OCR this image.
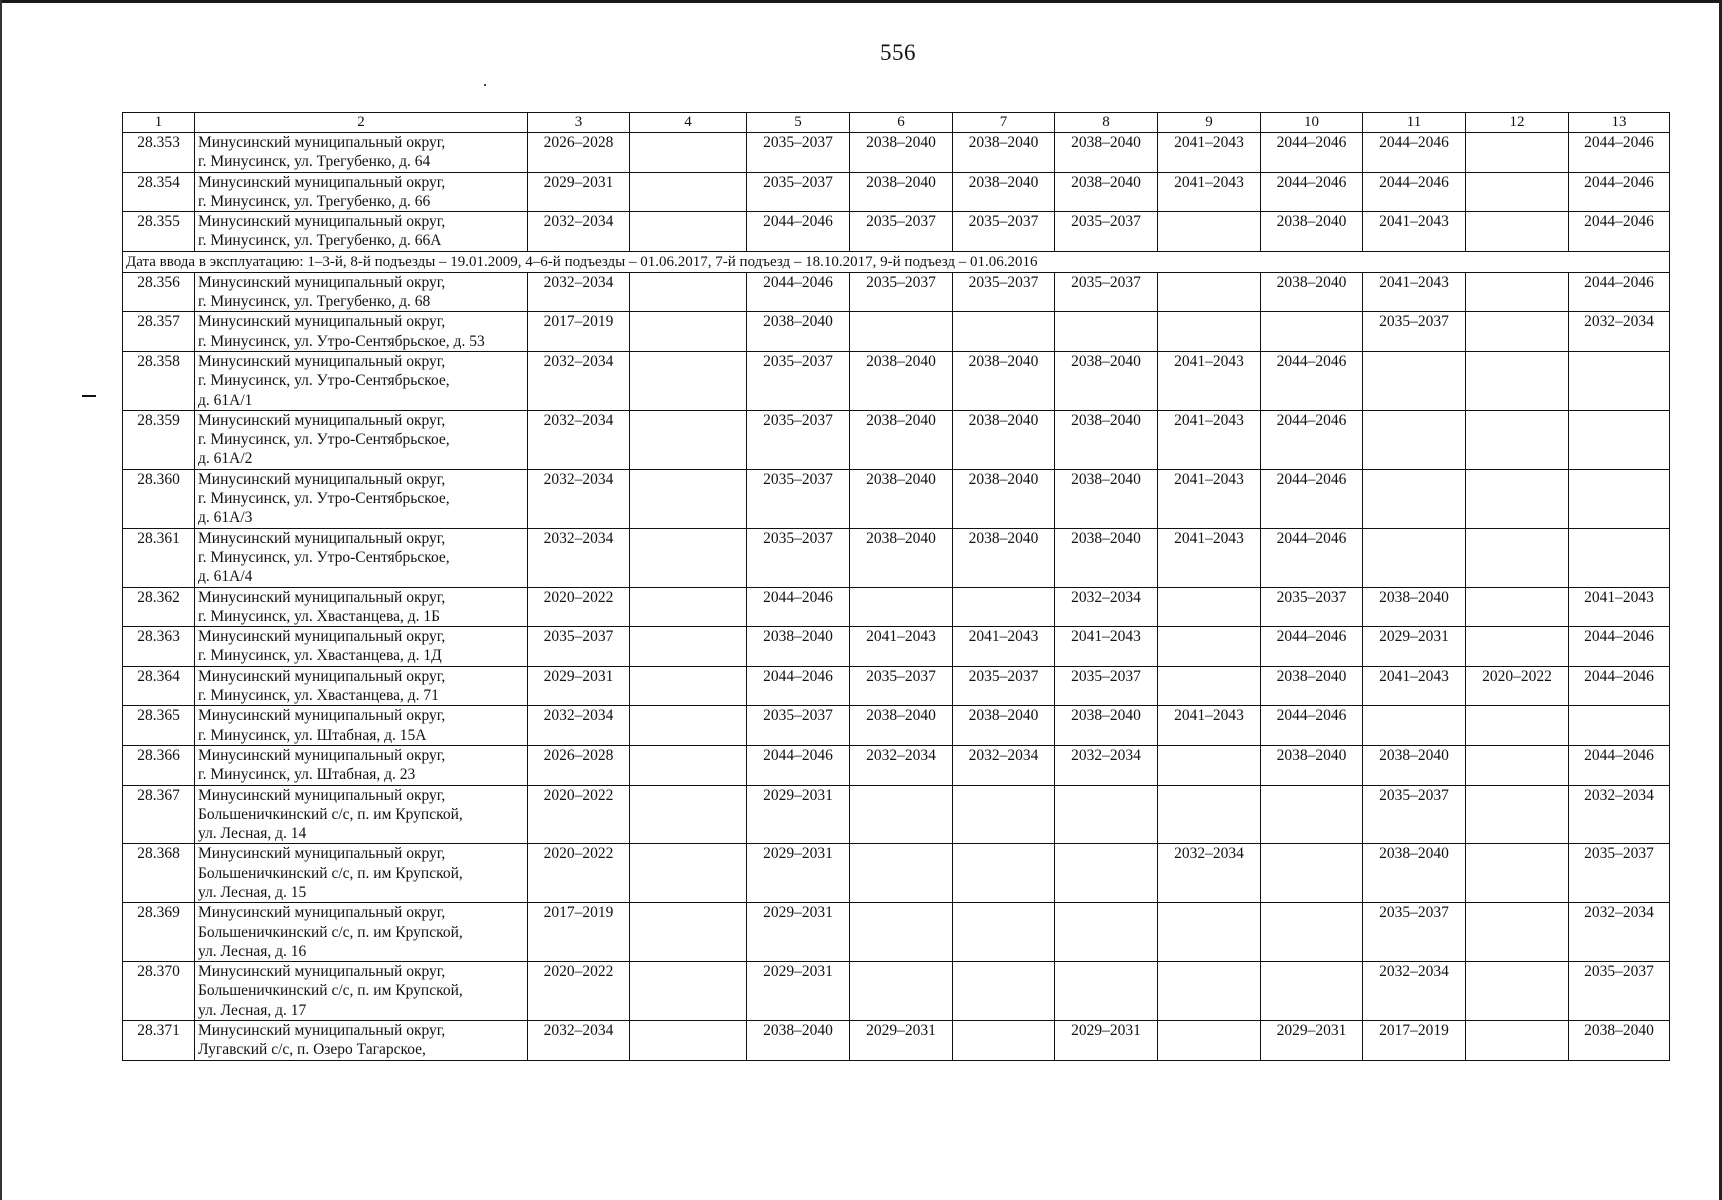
556
1	2	3	4	5	6	7	8	9	10	11	12	13
28.353	Минусинский муниципальный округ,
г. Минусинск, ул. Трегубенко, д. 64	2026–2028		2035–2037	2038–2040	2038–2040	2038–2040	2041–2043	2044–2046	2044–2046		2044–2046
28.354	Минусинский муниципальный округ,
г. Минусинск, ул. Трегубенко, д. 66	2029–2031		2035–2037	2038–2040	2038–2040	2038–2040	2041–2043	2044–2046	2044–2046		2044–2046
28.355	Минусинский муниципальный округ,
г. Минусинск, ул. Трегубенко, д. 66А	2032–2034		2044–2046	2035–2037	2035–2037	2035–2037		2038–2040	2041–2043		2044–2046
Дата ввода в эксплуатацию: 1–3-й, 8-й подъезды – 19.01.2009, 4–6-й подъезды – 01.06.2017, 7-й подъезд – 18.10.2017, 9-й подъезд – 01.06.2016												
28.356	Минусинский муниципальный округ,
г. Минусинск, ул. Трегубенко, д. 68	2032–2034		2044–2046	2035–2037	2035–2037	2035–2037		2038–2040	2041–2043		2044–2046
28.357	Минусинский муниципальный округ,
г. Минусинск, ул. Утро-Сентябрьское, д. 53	2017–2019		2038–2040						2035–2037		2032–2034
28.358	Минусинский муниципальный округ,
г. Минусинск, ул. Утро-Сентябрьское,
д. 61А/1	2032–2034		2035–2037	2038–2040	2038–2040	2038–2040	2041–2043	2044–2046			
28.359	Минусинский муниципальный округ,
г. Минусинск, ул. Утро-Сентябрьское,
д. 61А/2	2032–2034		2035–2037	2038–2040	2038–2040	2038–2040	2041–2043	2044–2046			
28.360	Минусинский муниципальный округ,
г. Минусинск, ул. Утро-Сентябрьское,
д. 61А/3	2032–2034		2035–2037	2038–2040	2038–2040	2038–2040	2041–2043	2044–2046			
28.361	Минусинский муниципальный округ,
г. Минусинск, ул. Утро-Сентябрьское,
д. 61А/4	2032–2034		2035–2037	2038–2040	2038–2040	2038–2040	2041–2043	2044–2046			
28.362	Минусинский муниципальный округ,
г. Минусинск, ул. Хвастанцева, д. 1Б	2020–2022		2044–2046			2032–2034		2035–2037	2038–2040		2041–2043
28.363	Минусинский муниципальный округ,
г. Минусинск, ул. Хвастанцева, д. 1Д	2035–2037		2038–2040	2041–2043	2041–2043	2041–2043		2044–2046	2029–2031		2044–2046
28.364	Минусинский муниципальный округ,
г. Минусинск, ул. Хвастанцева, д. 71	2029–2031		2044–2046	2035–2037	2035–2037	2035–2037		2038–2040	2041–2043	2020–2022	2044–2046
28.365	Минусинский муниципальный округ,
г. Минусинск, ул. Штабная, д. 15А	2032–2034		2035–2037	2038–2040	2038–2040	2038–2040	2041–2043	2044–2046			
28.366	Минусинский муниципальный округ,
г. Минусинск, ул. Штабная, д. 23	2026–2028		2044–2046	2032–2034	2032–2034	2032–2034		2038–2040	2038–2040		2044–2046
28.367	Минусинский муниципальный округ,
Большеничкинский с/с, п. им Крупской,
ул. Лесная, д. 14	2020–2022		2029–2031						2035–2037		2032–2034
28.368	Минусинский муниципальный округ,
Большеничкинский с/с, п. им Крупской,
ул. Лесная, д. 15	2020–2022		2029–2031				2032–2034		2038–2040		2035–2037
28.369	Минусинский муниципальный округ,
Большеничкинский с/с, п. им Крупской,
ул. Лесная, д. 16	2017–2019		2029–2031						2035–2037		2032–2034
28.370	Минусинский муниципальный округ,
Большеничкинский с/с, п. им Крупской,
ул. Лесная, д. 17	2020–2022		2029–2031						2032–2034		2035–2037
28.371	Минусинский муниципальный округ,
Лугавский с/с, п. Озеро Тагарское,	2032–2034		2038–2040	2029–2031		2029–2031		2029–2031	2017–2019		2038–2040
